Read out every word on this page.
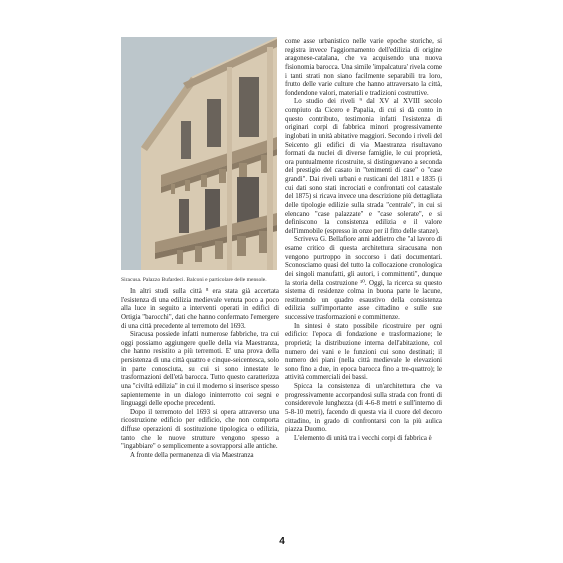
Siracusa. Palazzo Bufardeci. Balconi e particolare delle mensole.

In altri studi sulla città ⁸ era stata già accertata l'esistenza di una edilizia medievale venuta poco a poco alla luce in seguito a interventi operati in edifici di Ortigia "barocchi", dati che hanno confermato l'emergere di una città precedente al terremoto del 1693.

Siracusa possiede infatti numerose fabbriche, tra cui oggi possiamo aggiungere quelle della via Maestranza, che hanno resistito a più terremoti. E' una prova della persistenza di una città quattro e cinque-seicentesca, solo in parte conosciuta, su cui si sono innestate le trasformazioni dell'età barocca. Tutto questo caratterizza una "civiltà edilizia" in cui il moderno si inserisce spesso sapientemente in un dialogo ininterrotto coi segni e linguaggi delle epoche precedenti.

Dopo il terremoto del 1693 si opera attraverso una ricostruzione edificio per edificio, che non comporta diffuse operazioni di sostituzione tipologica o edilizia, tanto che le nuove strutture vengono spesso a "ingabbiare" o semplicemente a sovrapporsi alle antiche.

A fronte della permanenza di via Maestranza

come asse urbanistico nelle varie epoche storiche, si registra invece l'aggiornamento dell'edilizia di origine aragonese-catalana, che va acquisendo una nuova fisionomia barocca. Una simile 'impalcatura' rivela come i tanti strati non siano facilmente separabili tra loro, frutto delle varie culture che hanno attraversato la città, fondendone valori, materiali e tradizioni costruttive.

Lo studio dei riveli ⁹ dal XV al XVIII secolo compiuto da Cicero e Papalia, di cui si dà conto in questo contributo, testimonia infatti l'esistenza di originari corpi di fabbrica minori progressivamente inglobati in unità abitative maggiori. Secondo i riveli del Seicento gli edifici di via Maestranza risultavano formati da nuclei di diverse famiglie, le cui proprietà, ora puntualmente ricostruite, si distinguevano a seconda del prestigio del casato in "tenimenti di case" o "case grandi". Dai riveli urbani e rusticani del 1811 e 1835 (i cui dati sono stati incrociati e confrontati col catastale del 1875) si ricava invece una descrizione più dettagliata delle tipologie edilizie sulla strada "centrale", in cui si elencano "case palazzate" e "case solerate", e si definiscono la consistenza edilizia e il valore dell'immobile (espresso in onze per il fitto delle stanze).

Scriveva G. Bellafiore anni addietro che "al lavoro di esame critico di questa architettura siracusana non vengono purtroppo in soccorso i dati documentari. Sconosciamo quasi del tutto la collocazione cronologica dei singoli manufatti, gli autori, i committenti", dunque la storia della costruzione ¹⁰. Oggi, la ricerca su questo sistema di residenze colma in buona parte le lacune, restituendo un quadro esaustivo della consistenza edilizia sull'importante asse cittadino e sulle sue successive trasformazioni e committenze.

In sintesi è stato possibile ricostruire per ogni edificio: l'epoca di fondazione e trasformazione; le proprietà; la distribuzione interna dell'abitazione, col numero dei vani e le funzioni cui sono destinati; il numero dei piani (nella città medievale le elevazioni sono fino a due, in epoca barocca fino a tre-quattro); le attività commerciali dei bassi.

Spicca la consistenza di un'architettura che va progressivamente accorpandosi sulla strada con fronti di considerevole lunghezza (di 4-6-8 metri e sull'interno di 5-8-10 metri), facendo di questa via il cuore del decoro cittadino, in grado di confrontarsi con la più aulica piazza Duomo.

L'elemento di unità tra i vecchi corpi di fabbrica è

4
